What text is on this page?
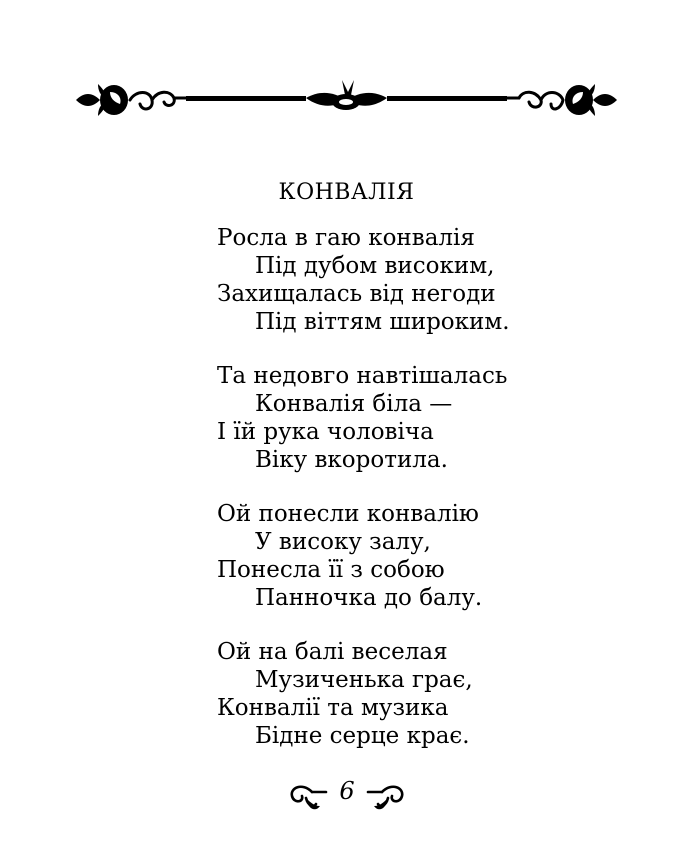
КОНВАЛІЯ
Росла в гаю конвалія
Під дубом високим,
Захищалась від негоди
Під віттям широким.
Та недовго навтішалась
Конвалія біла —
І їй рука чоловіча
Віку вкоротила.
Ой понесли конвалію
У високу залу,
Понесла її з собою
Панночка до балу.
Ой на балі веселая
Музиченька грає,
Конвалії та музика
Бідне серце крає.
6
